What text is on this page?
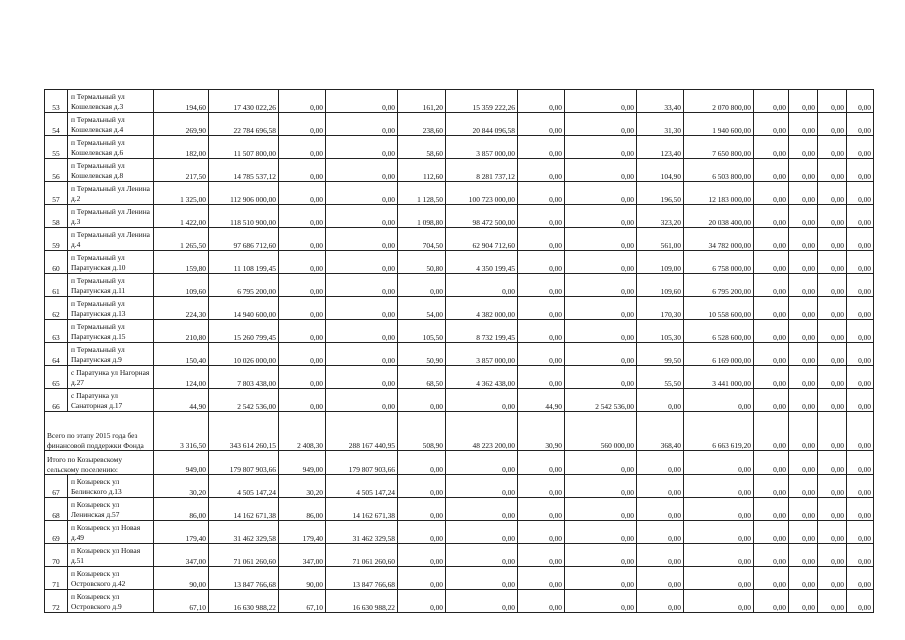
53	п Термальный ул Кошелевская д.3	194,60	17 430 022,26	0,00	0,00	161,20	15 359 222,26	0,00	0,00	33,40	2 070 800,00	0,00	0,00	0,00	0,00
54	п Термальный ул Кошелевская д.4	269,90	22 784 696,58	0,00	0,00	238,60	20 844 096,58	0,00	0,00	31,30	1 940 600,00	0,00	0,00	0,00	0,00
55	п Термальный ул Кошелевская д.6	182,00	11 507 800,00	0,00	0,00	58,60	3 857 000,00	0,00	0,00	123,40	7 650 800,00	0,00	0,00	0,00	0,00
56	п Термальный ул Кошелевская д.8	217,50	14 785 537,12	0,00	0,00	112,60	8 281 737,12	0,00	0,00	104,90	6 503 800,00	0,00	0,00	0,00	0,00
57	п Термальный ул Ленина д.2	1 325,00	112 906 000,00	0,00	0,00	1 128,50	100 723 000,00	0,00	0,00	196,50	12 183 000,00	0,00	0,00	0,00	0,00
58	п Термальный ул Ленина д.3	1 422,00	118 510 900,00	0,00	0,00	1 098,80	98 472 500,00	0,00	0,00	323,20	20 038 400,00	0,00	0,00	0,00	0,00
59	п Термальный ул Ленина д.4	1 265,50	97 686 712,60	0,00	0,00	704,50	62 904 712,60	0,00	0,00	561,00	34 782 000,00	0,00	0,00	0,00	0,00
60	п Термальный ул Паратунская д.10	159,80	11 108 199,45	0,00	0,00	50,80	4 350 199,45	0,00	0,00	109,00	6 758 000,00	0,00	0,00	0,00	0,00
61	п Термальный ул Паратунская д.11	109,60	6 795 200,00	0,00	0,00	0,00	0,00	0,00	0,00	109,60	6 795 200,00	0,00	0,00	0,00	0,00
62	п Термальный ул Паратунская д.13	224,30	14 940 600,00	0,00	0,00	54,00	4 382 000,00	0,00	0,00	170,30	10 558 600,00	0,00	0,00	0,00	0,00
63	п Термальный ул Паратунская д.15	210,80	15 260 799,45	0,00	0,00	105,50	8 732 199,45	0,00	0,00	105,30	6 528 600,00	0,00	0,00	0,00	0,00
64	п Термальный ул Паратунская д.9	150,40	10 026 000,00	0,00	0,00	50,90	3 857 000,00	0,00	0,00	99,50	6 169 000,00	0,00	0,00	0,00	0,00
65	с Паратунка ул Нагорная д.27	124,00	7 803 438,00	0,00	0,00	68,50	4 362 438,00	0,00	0,00	55,50	3 441 000,00	0,00	0,00	0,00	0,00
66	с Паратунка ул Санаторная д.17	44,90	2 542 536,00	0,00	0,00	0,00	0,00	44,90	2 542 536,00	0,00	0,00	0,00	0,00	0,00	0,00
Всего по этапу 2015 года без финансовой поддержки Фонда		3 316,50	343 614 260,15	2 408,30	288 167 440,95	508,90	48 223 200,00	30,90	560 000,00	368,40	6 663 619,20	0,00	0,00	0,00	0,00
Итого по Козыревскому сельскому поселению:		949,00	179 807 903,66	949,00	179 807 903,66	0,00	0,00	0,00	0,00	0,00	0,00	0,00	0,00	0,00	0,00
67	п Козыревск ул Белинского д.13	30,20	4 505 147,24	30,20	4 505 147,24	0,00	0,00	0,00	0,00	0,00	0,00	0,00	0,00	0,00	0,00
68	п Козыревск ул Ленинская д.57	86,00	14 162 671,38	86,00	14 162 671,38	0,00	0,00	0,00	0,00	0,00	0,00	0,00	0,00	0,00	0,00
69	п Козыревск ул Новая д.49	179,40	31 462 329,58	179,40	31 462 329,58	0,00	0,00	0,00	0,00	0,00	0,00	0,00	0,00	0,00	0,00
70	п Козыревск ул Новая д.51	347,00	71 061 260,60	347,00	71 061 260,60	0,00	0,00	0,00	0,00	0,00	0,00	0,00	0,00	0,00	0,00
71	п Козыревск ул Островского д.42	90,00	13 847 766,68	90,00	13 847 766,68	0,00	0,00	0,00	0,00	0,00	0,00	0,00	0,00	0,00	0,00
72	п Козыревск ул Островского д.9	67,10	16 630 988,22	67,10	16 630 988,22	0,00	0,00	0,00	0,00	0,00	0,00	0,00	0,00	0,00	0,00
